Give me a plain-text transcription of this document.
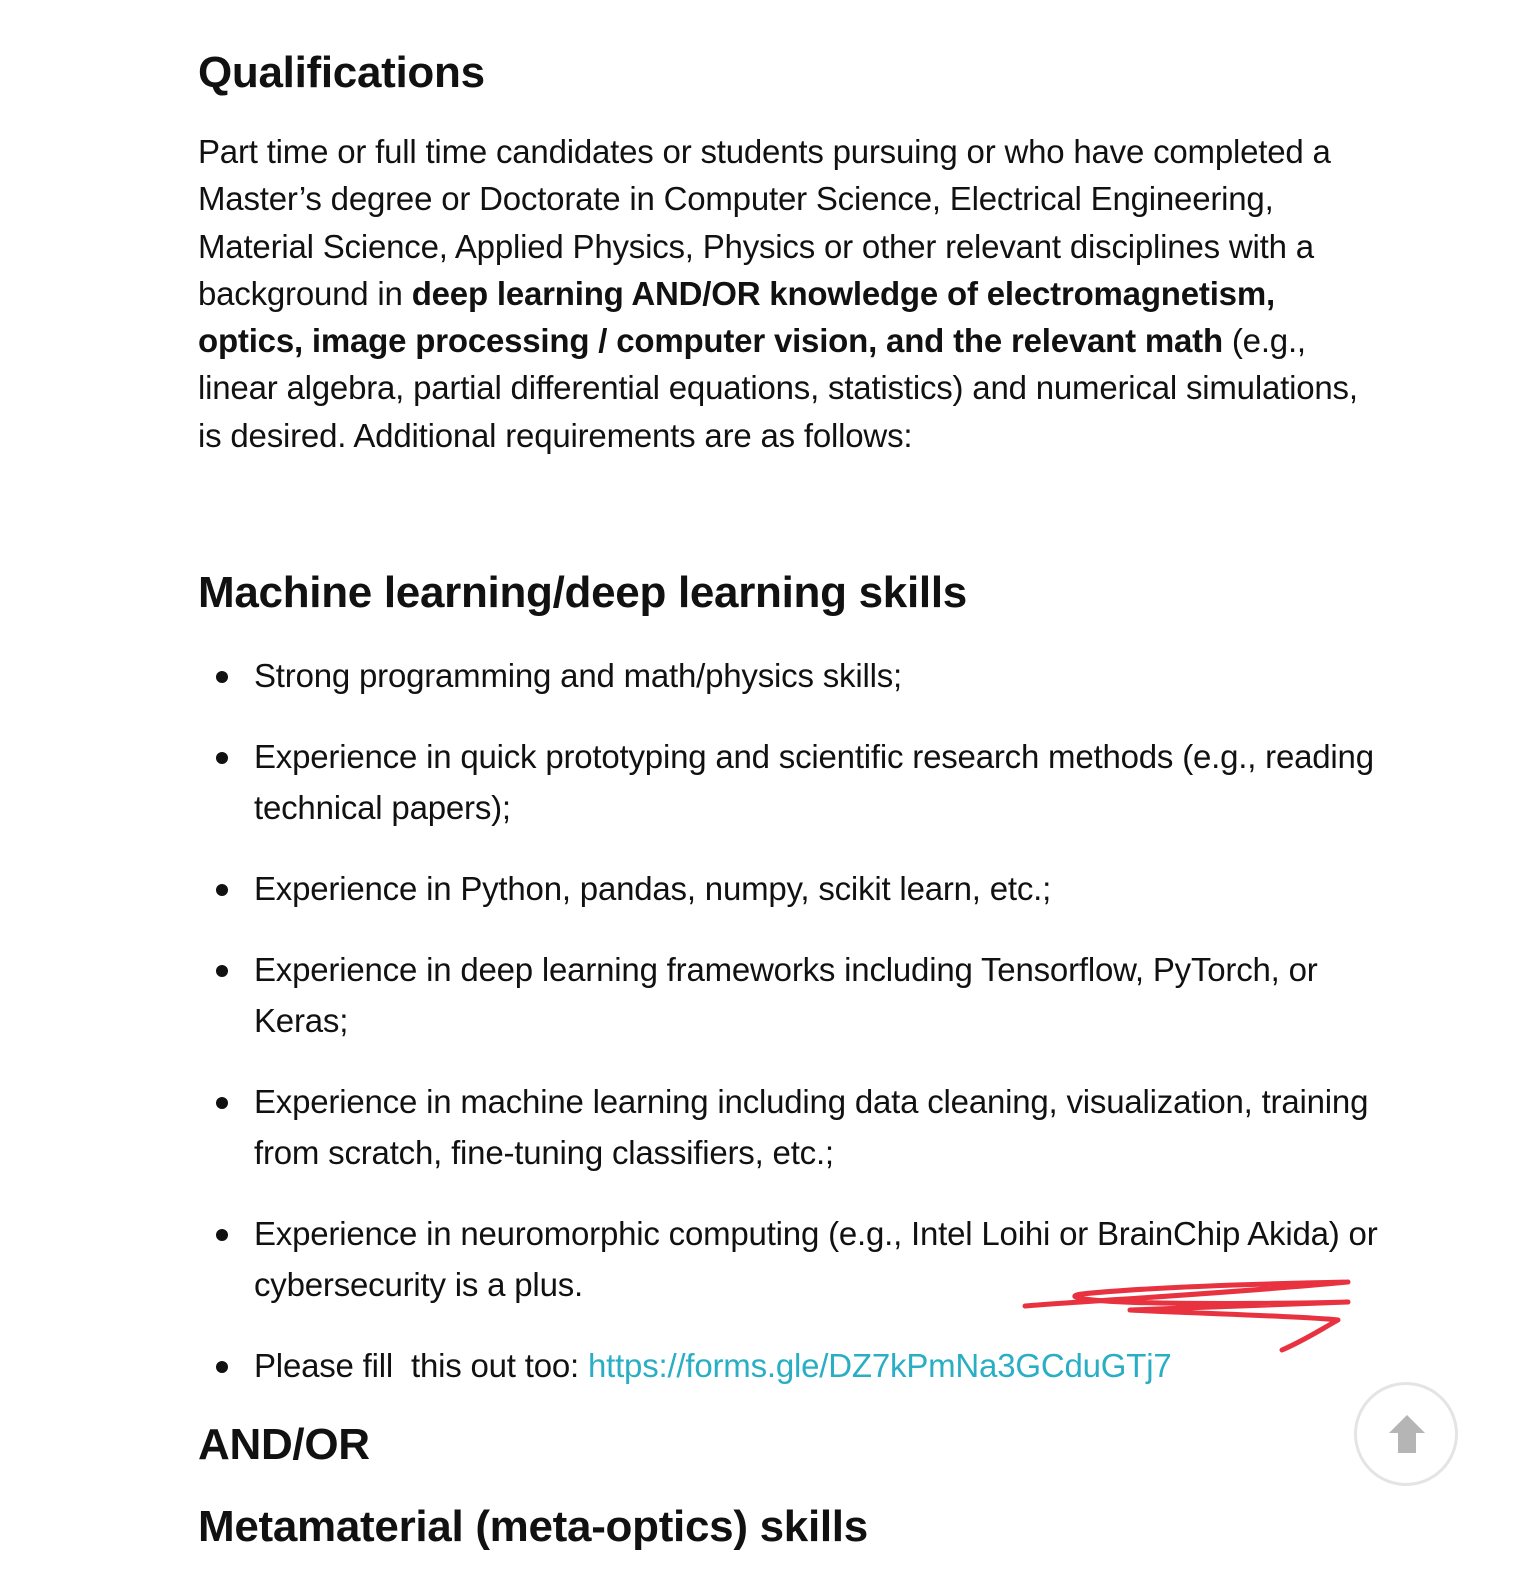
Qualifications

Part time or full time candidates or students pursuing or who have completed a Master’s degree or Doctorate in Computer Science, Electrical Engineering, Material Science, Applied Physics, Physics or other relevant disciplines with a background in deep learning AND/OR knowledge of electromagnetism, optics, image processing / computer vision, and the relevant math (e.g., linear algebra, partial differential equations, statistics) and numerical simulations, is desired. Additional requirements are as follows:

Machine learning/deep learning skills
Strong programming and math/physics skills;
Experience in quick prototyping and scientific research methods (e.g., reading technical papers);
Experience in Python, pandas, numpy, scikit learn, etc.;
Experience in deep learning frameworks including Tensorflow, PyTorch, or Keras;
Experience in machine learning including data cleaning, visualization, training from scratch, fine-tuning classifiers, etc.;
Experience in neuromorphic computing (e.g., Intel Loihi or BrainChip Akida) or cybersecurity is a plus.
Please fill  this out too: https://forms.gle/DZ7kPmNa3GCduGTj7
AND/OR
Metamaterial (meta-optics) skills
